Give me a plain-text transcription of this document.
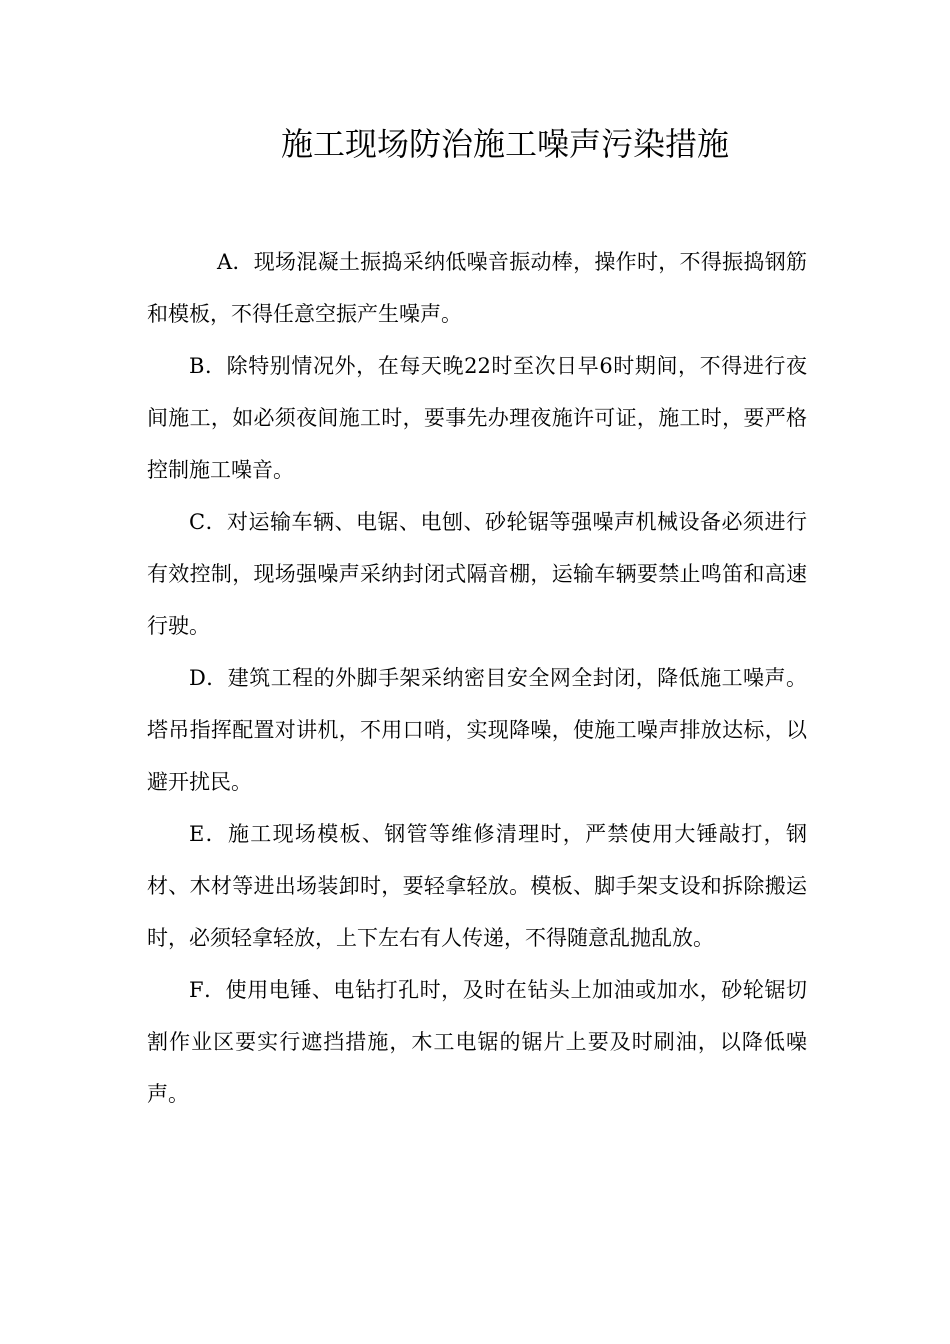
施工现场防治施工噪声污染措施

A．现场混凝土振捣采纳低噪音振动棒，操作时，不得振捣钢筋和模板，不得任意空振产生噪声。

B．除特别情况外，在每天晚22时至次日早6时期间，不得进行夜间施工，如必须夜间施工时，要事先办理夜施许可证，施工时，要严格控制施工噪音。

C．对运输车辆、电锯、电刨、砂轮锯等强噪声机械设备必须进行有效控制，现场强噪声采纳封闭式隔音棚，运输车辆要禁止鸣笛和高速行驶。

D．建筑工程的外脚手架采纳密目安全网全封闭，降低施工噪声。塔吊指挥配置对讲机，不用口哨，实现降噪，使施工噪声排放达标，以避开扰民。

E．施工现场模板、钢管等维修清理时，严禁使用大锤敲打，钢材、木材等进出场装卸时，要轻拿轻放。模板、脚手架支设和拆除搬运时，必须轻拿轻放，上下左右有人传递，不得随意乱抛乱放。

F．使用电锤、电钻打孔时，及时在钻头上加油或加水，砂轮锯切割作业区要实行遮挡措施，木工电锯的锯片上要及时刷油，以降低噪声。
